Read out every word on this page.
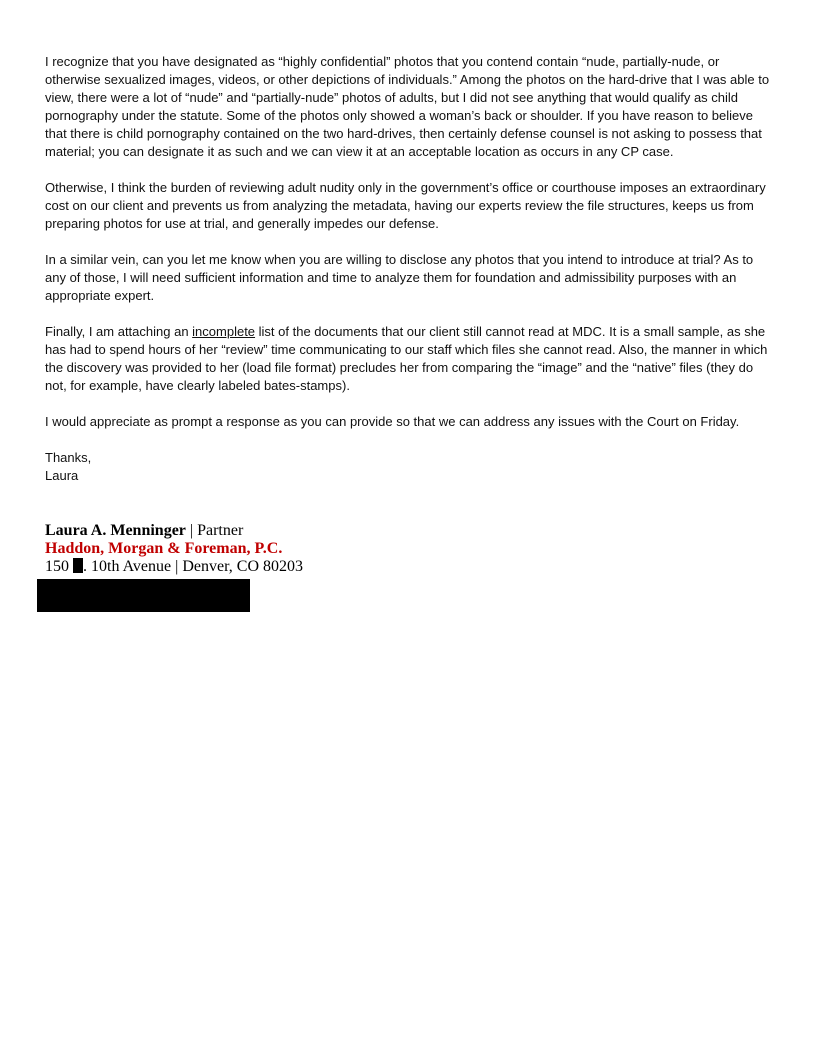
I recognize that you have designated as “highly confidential” photos that you contend contain “nude, partially-nude, or otherwise sexualized images, videos, or other depictions of individuals.” Among the photos on the hard-drive that I was able to view, there were a lot of “nude” and “partially-nude” photos of adults, but I did not see anything that would qualify as child pornography under the statute. Some of the photos only showed a woman’s back or shoulder. If you have reason to believe that there is child pornography contained on the two hard-drives, then certainly defense counsel is not asking to possess that material; you can designate it as such and we can view it at an acceptable location as occurs in any CP case.

Otherwise, I think the burden of reviewing adult nudity only in the government’s office or courthouse imposes an extraordinary cost on our client and prevents us from analyzing the metadata, having our experts review the file structures, keeps us from preparing photos for use at trial, and generally impedes our defense.

In a similar vein, can you let me know when you are willing to disclose any photos that you intend to introduce at trial? As to any of those, I will need sufficient information and time to analyze them for foundation and admissibility purposes with an appropriate expert.

Finally, I am attaching an incomplete list of the documents that our client still cannot read at MDC. It is a small sample, as she has had to spend hours of her “review” time communicating to our staff which files she cannot read. Also, the manner in which the discovery was provided to her (load file format) precludes her from comparing the “image” and the “native” files (they do not, for example, have clearly labeled bates-stamps).

I would appreciate as prompt a response as you can provide so that we can address any issues with the Court on Friday.

Thanks,

Laura

Laura A. Menninger | Partner
Haddon, Morgan & Foreman, P.C.
150 . 10th Avenue | Denver, CO 80203
